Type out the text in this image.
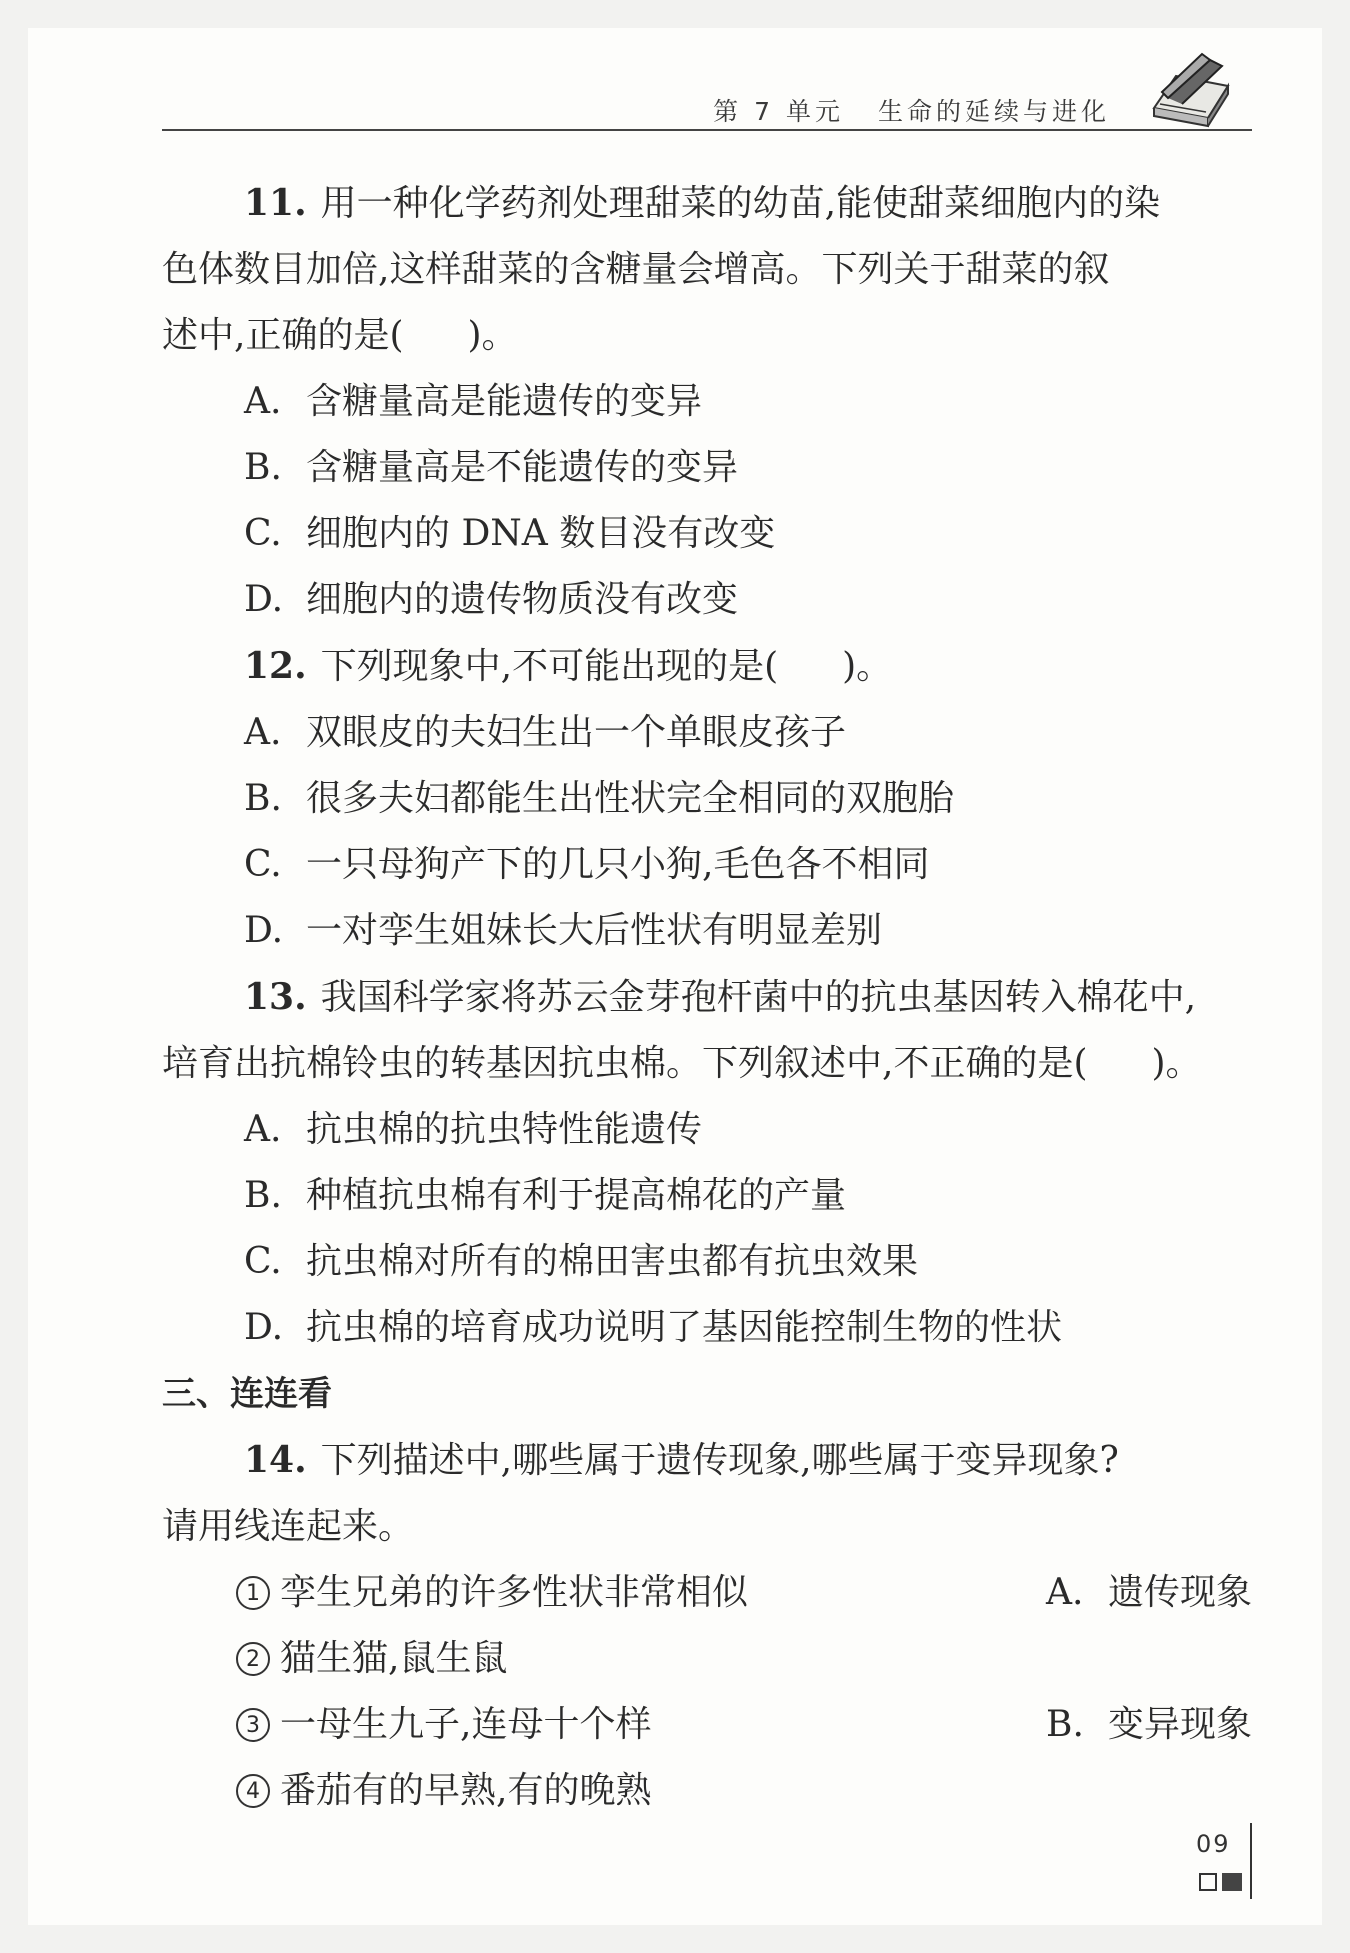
第 7 单元 生命的延续与进化

11. 用一种化学药剂处理甜菜的幼苗,能使甜菜细胞内的染

色体数目加倍,这样甜菜的含糖量会增高。下列关于甜菜的叙

述中,正确的是( )。

A. 含糖量高是能遗传的变异

B. 含糖量高是不能遗传的变异

C. 细胞内的 DNA 数目没有改变

D. 细胞内的遗传物质没有改变

12. 下列现象中,不可能出现的是( )。

A. 双眼皮的夫妇生出一个单眼皮孩子

B. 很多夫妇都能生出性状完全相同的双胞胎

C. 一只母狗产下的几只小狗,毛色各不相同

D. 一对孪生姐妹长大后性状有明显差别

13. 我国科学家将苏云金芽孢杆菌中的抗虫基因转入棉花中,

培育出抗棉铃虫的转基因抗虫棉。下列叙述中,不正确的是( )。

A. 抗虫棉的抗虫特性能遗传

B. 种植抗虫棉有利于提高棉花的产量

C. 抗虫棉对所有的棉田害虫都有抗虫效果

D. 抗虫棉的培育成功说明了基因能控制生物的性状

三、连连看

14. 下列描述中,哪些属于遗传现象,哪些属于变异现象?

请用线连起来。

1 孪生兄弟的许多性状非常相似	A. 遗传现象
2 猫生猫,鼠生鼠
3 一母生九子,连母十个样	B. 变异现象
4 番茄有的早熟,有的晚熟
09
